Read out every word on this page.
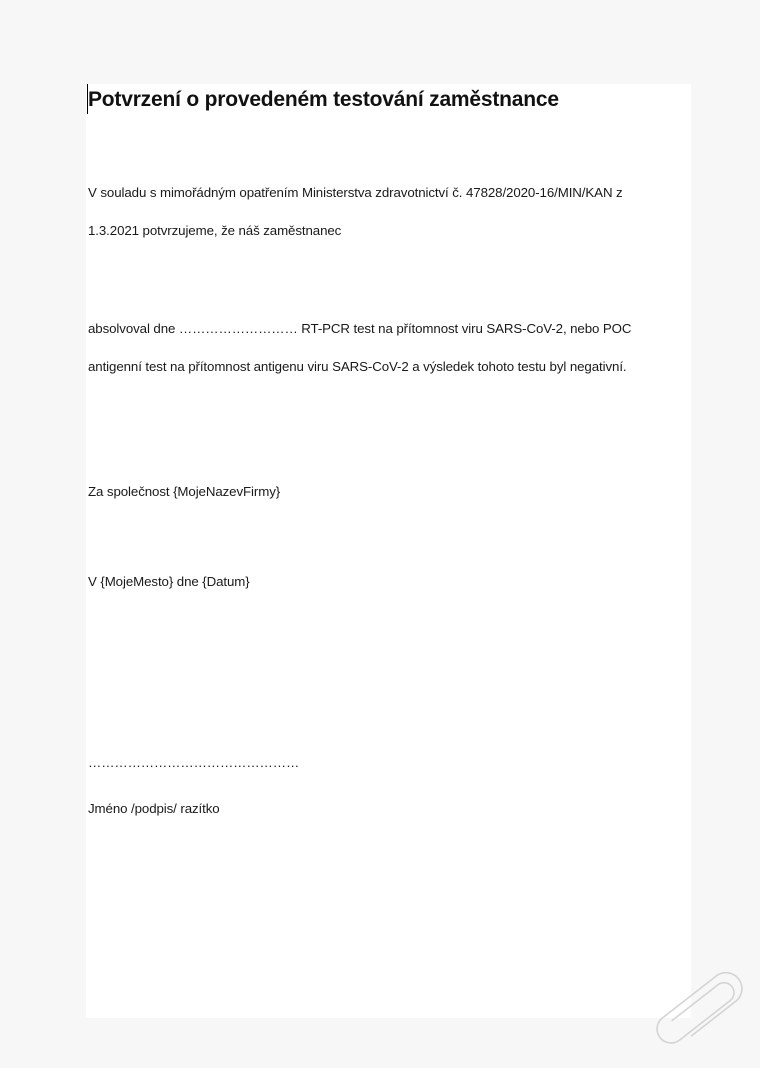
Potvrzení o provedeném testování zaměstnance

V souladu s mimořádným opatřením Ministerstva zdravotnictví č. 47828/2020-16/MIN/KAN z

1.3.2021 potvrzujeme, že náš zaměstnanec

absolvoval dne ……………………… RT-PCR test na přítomnost viru SARS-CoV-2, nebo POC

antigenní test na přítomnost antigenu viru SARS-CoV-2 a výsledek tohoto testu byl negativní.

Za společnost {MojeNazevFirmy}

V {MojeMesto} dne {Datum}

…………………………………………

Jméno /podpis/ razítko
